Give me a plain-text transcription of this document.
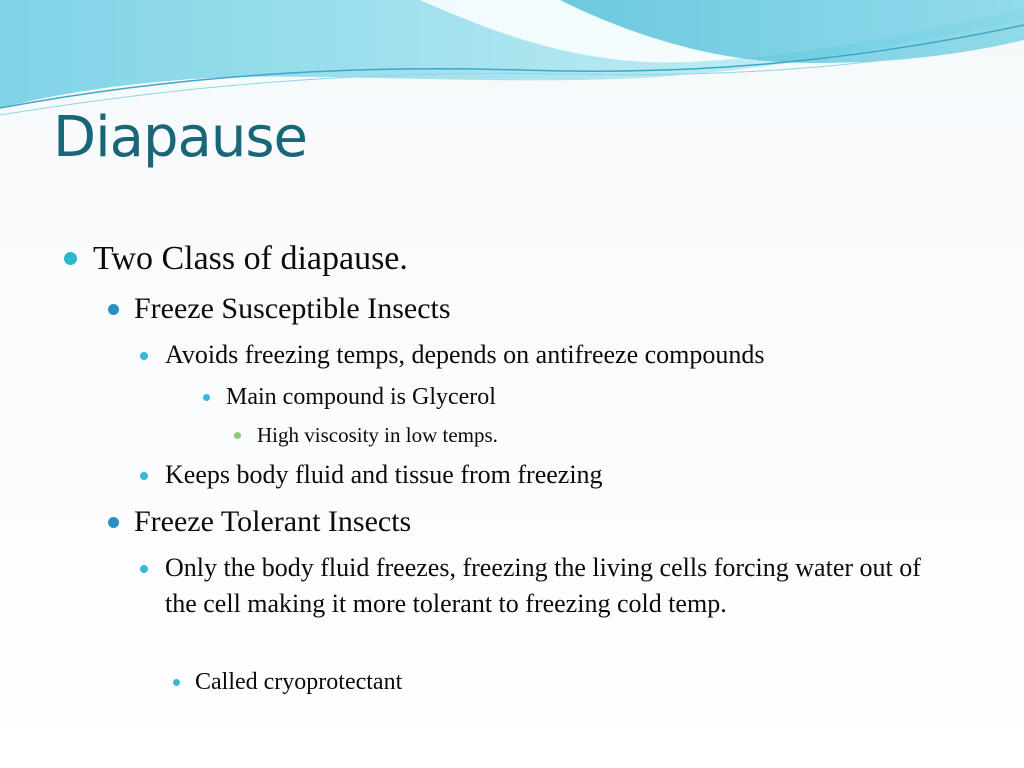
Diapause
Two Class of diapause.
Freeze Susceptible Insects
Avoids freezing temps, depends on antifreeze compounds
Main compound is Glycerol
High viscosity in low temps.
Keeps body fluid and tissue from freezing
Freeze Tolerant Insects
Only the body fluid freezes, freezing the living cells forcing water out of the cell making it more tolerant to freezing cold temp.
Called cryoprotectant
